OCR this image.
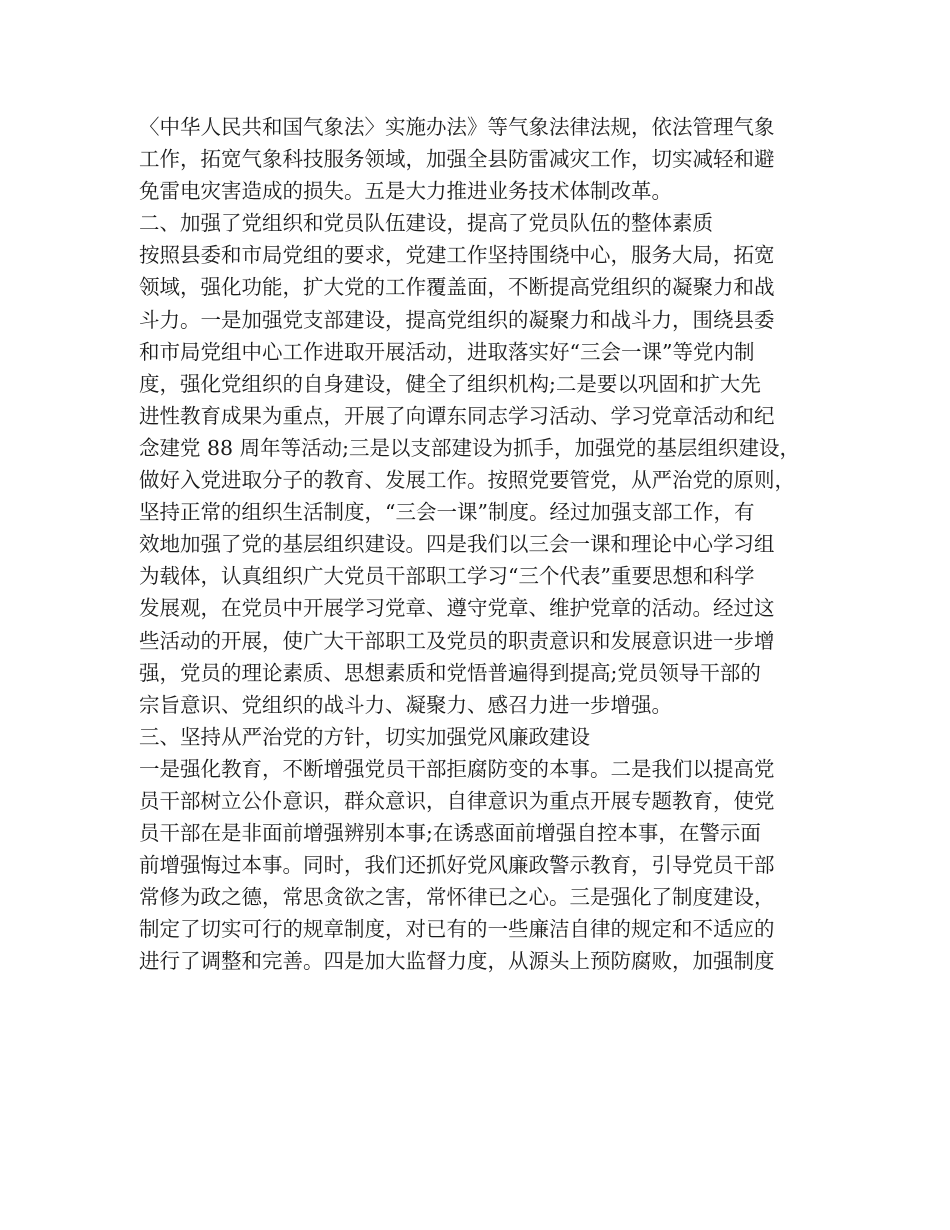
〈中华人民共和国气象法〉实施办法》等气象法律法规，依法管理气象
工作，拓宽气象科技服务领域，加强全县防雷减灾工作，切实减轻和避
免雷电灾害造成的损失。五是大力推进业务技术体制改革。
二、加强了党组织和党员队伍建设，提高了党员队伍的整体素质
按照县委和市局党组的要求，党建工作坚持围绕中心，服务大局，拓宽
领域，强化功能，扩大党的工作覆盖面，不断提高党组织的凝聚力和战
斗力。一是加强党支部建设，提高党组织的凝聚力和战斗力，围绕县委
和市局党组中心工作进取开展活动，进取落实好“三会一课”等党内制
度，强化党组织的自身建设，健全了组织机构;二是要以巩固和扩大先
进性教育成果为重点，开展了向谭东同志学习活动、学习党章活动和纪
念建党 88 周年等活动;三是以支部建设为抓手，加强党的基层组织建设，
做好入党进取分子的教育、发展工作。按照党要管党，从严治党的原则，
坚持正常的组织生活制度，“三会一课”制度。经过加强支部工作，有
效地加强了党的基层组织建设。四是我们以三会一课和理论中心学习组
为载体，认真组织广大党员干部职工学习“三个代表”重要思想和科学
发展观，在党员中开展学习党章、遵守党章、维护党章的活动。经过这
些活动的开展，使广大干部职工及党员的职责意识和发展意识进一步增
强，党员的理论素质、思想素质和党悟普遍得到提高;党员领导干部的
宗旨意识、党组织的战斗力、凝聚力、感召力进一步增强。
三、坚持从严治党的方针，切实加强党风廉政建设
一是强化教育，不断增强党员干部拒腐防变的本事。二是我们以提高党
员干部树立公仆意识，群众意识，自律意识为重点开展专题教育，使党
员干部在是非面前增强辨别本事;在诱惑面前增强自控本事，在警示面
前增强悔过本事。同时，我们还抓好党风廉政警示教育，引导党员干部
常修为政之德，常思贪欲之害，常怀律已之心。三是强化了制度建设，
制定了切实可行的规章制度，对已有的一些廉洁自律的规定和不适应的
进行了调整和完善。四是加大监督力度，从源头上预防腐败，加强制度
